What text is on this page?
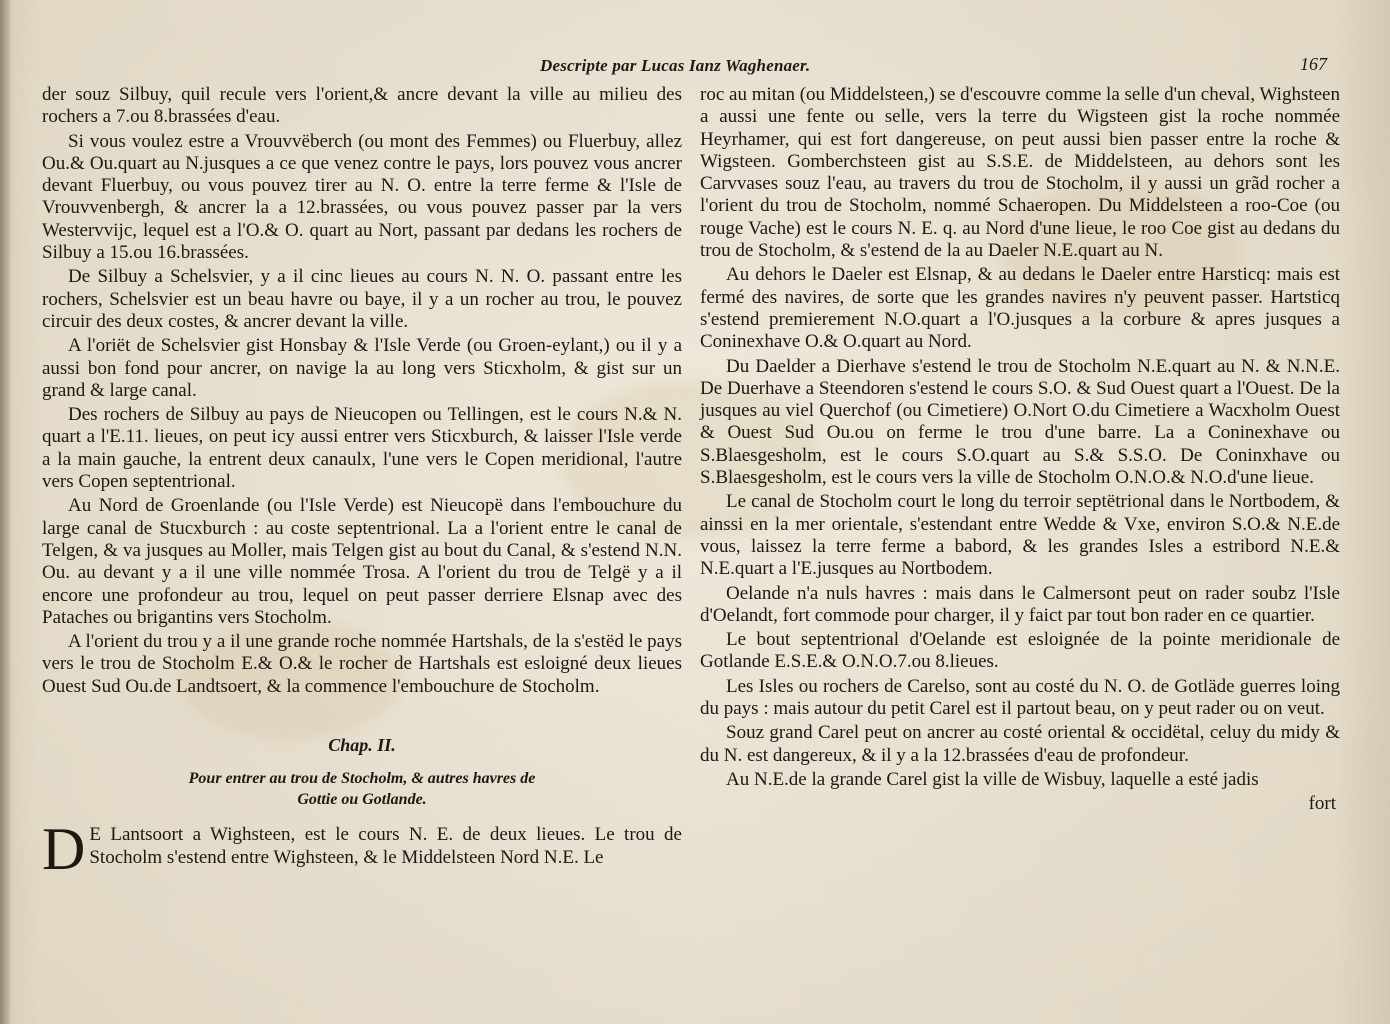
Descripte par Lucas Ianz Waghenaer.	167

der souz Silbuy, quil recule vers l'orient,& ancre devant la ville au milieu des rochers a 7.ou 8.brassées d'eau.

Si vous voulez estre a Vrouvvëberch (ou mont des Femmes) ou Fluerbuy, allez Ou.& Ou.quart au N.jusques a ce que venez contre le pays, lors pouvez vous ancrer devant Fluerbuy, ou vous pouvez tirer au N. O. entre la terre ferme & l'Isle de Vrouvvenbergh, & ancrer la a 12.brassées, ou vous pouvez passer par la vers Westervvijc, lequel est a l'O.& O. quart au Nort, passant par dedans les rochers de Silbuy a 15.ou 16.brassées.

De Silbuy a Schelsvier, y a il cinc lieues au cours N. N. O. passant entre les rochers, Schelsvier est un beau havre ou baye, il y a un rocher au trou, le pouvez circuir des deux costes, & ancrer devant la ville.

A l'oriët de Schelsvier gist Honsbay & l'Isle Verde (ou Groen-eylant,) ou il y a aussi bon fond pour ancrer, on navige la au long vers Sticxholm, & gist sur un grand & large canal.

Des rochers de Silbuy au pays de Nieucopen ou Tellingen, est le cours N.& N. quart a l'E.11. lieues, on peut icy aussi entrer vers Sticxburch, & laisser l'Isle verde a la main gauche, la entrent deux canaulx, l'une vers le Copen meridional, l'autre vers Copen septentrional.

Au Nord de Groenlande (ou l'Isle Verde) est Nieucopë dans l'embouchure du large canal de Stucxburch : au coste septentrional. La a l'orient entre le canal de Telgen, & va jusques au Moller, mais Telgen gist au bout du Canal, & s'estend N.N. Ou. au devant y a il une ville nommée Trosa. A l'orient du trou de Telgë y a il encore une profondeur au trou, lequel on peut passer derriere Elsnap avec des Pataches ou brigantins vers Stocholm.

A l'orient du trou y a il une grande roche nommée Hartshals, de la s'estëd le pays vers le trou de Stocholm E.& O.& le rocher de Hartshals est esloigné deux lieues Ouest Sud Ou.de Landtsoert, & la commence l'embouchure de Stocholm.

Chap. II.
Pour entrer au trou de Stocholm, & autres havres de
Gottie ou Gotlande.

D E Lantsoort a Wighsteen, est le cours N. E. de deux lieues. Le trou de Stocholm s'estend entre Wighsteen, & le Middelsteen Nord N.E. Le

roc au mitan (ou Middelsteen,) se d'escouvre comme la selle d'un cheval, Wighsteen a aussi une fente ou selle, vers la terre du Wigsteen gist la roche nommée Heyrhamer, qui est fort dangereuse, on peut aussi bien passer entre la roche & Wigsteen. Gomberchsteen gist au S.S.E. de Middelsteen, au dehors sont les Carvvases souz l'eau, au travers du trou de Stocholm, il y aussi un grãd rocher a l'orient du trou de Stocholm, nommé Schaeropen. Du Middelsteen a roo-Coe (ou rouge Vache) est le cours N. E. q. au Nord d'une lieue, le roo Coe gist au dedans du trou de Stocholm, & s'estend de la au Daeler N.E.quart au N.

Au dehors le Daeler est Elsnap, & au dedans le Daeler entre Harsticq: mais est fermé des navires, de sorte que les grandes navires n'y peuvent passer. Hartsticq s'estend premierement N.O.quart a l'O.jusques a la corbure & apres jusques a Coninexhave O.& O.quart au Nord.

Du Daelder a Dierhave s'estend le trou de Stocholm N.E.quart au N. & N.N.E. De Duerhave a Steendoren s'estend le cours S.O. & Sud Ouest quart a l'Ouest. De la jusques au viel Querchof (ou Cimetiere) O.Nort O.du Cimetiere a Wacxholm Ouest & Ouest Sud Ou.ou on ferme le trou d'une barre. La a Coninexhave ou S.Blaesgesholm, est le cours S.O.quart au S.& S.S.O. De Coninxhave ou S.Blaesgesholm, est le cours vers la ville de Stocholm O.N.O.& N.O.d'une lieue.

Le canal de Stocholm court le long du terroir septëtrional dans le Nortbodem, & ainssi en la mer orientale, s'estendant entre Wedde & Vxe, environ S.O.& N.E.de vous, laissez la terre ferme a babord, & les grandes Isles a estribord N.E.& N.E.quart a l'E.jusques au Nortbodem.

Oelande n'a nuls havres : mais dans le Calmersont peut on rader soubz l'Isle d'Oelandt, fort commode pour charger, il y faict par tout bon rader en ce quartier.

Le bout septentrional d'Oelande est esloignée de la pointe meridionale de Gotlande E.S.E.& O.N.O.7.ou 8.lieues.

Les Isles ou rochers de Carelso, sont au costé du N. O. de Gotläde guerres loing du pays : mais autour du petit Carel est il partout beau, on y peut rader ou on veut.

Souz grand Carel peut on ancrer au costé oriental & occidëtal, celuy du midy & du N. est dangereux, & il y a la 12.brassées d'eau de profondeur.

Au N.E.de la grande Carel gist la ville de Wisbuy, laquelle a esté jadis

fort
